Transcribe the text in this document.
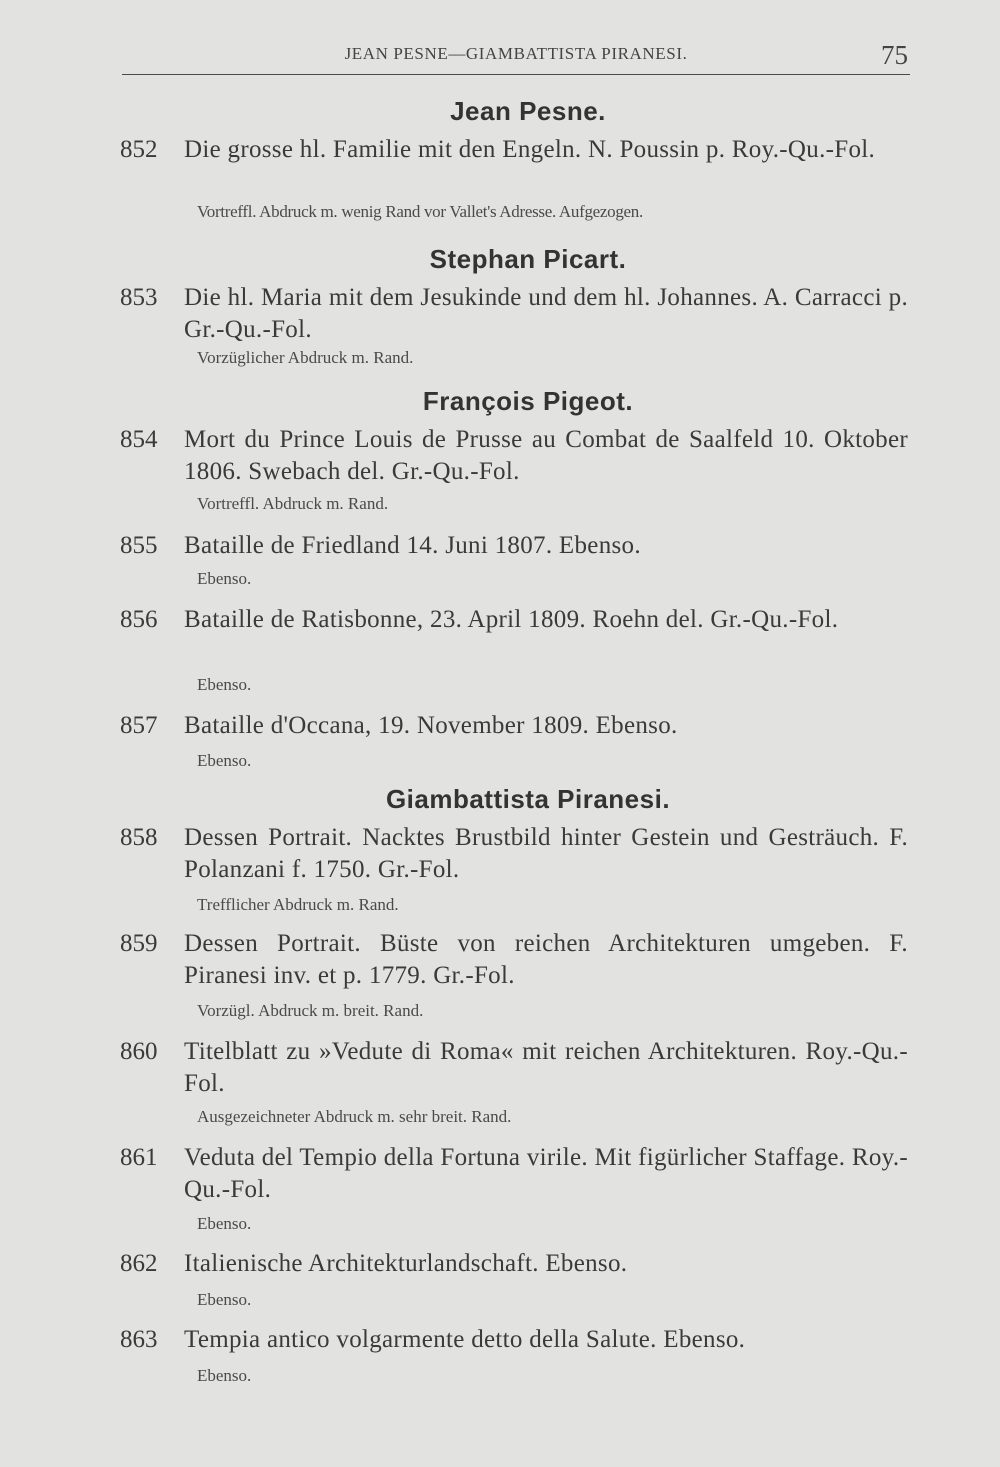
JEAN PESNE—GIAMBATTISTA PIRANESI.	75
Jean Pesne.
852 Die grosse hl. Familie mit den Engeln. N. Poussin p. Roy.-Qu.-Fol.
Vortreffl. Abdruck m. wenig Rand vor Vallet's Adresse. Aufgezogen.
Stephan Picart.
853 Die hl. Maria mit dem Jesukinde und dem hl. Johannes. A. Carracci p. Gr.-Qu.-Fol.
Vorzüglicher Abdruck m. Rand.
François Pigeot.
854 Mort du Prince Louis de Prusse au Combat de Saalfeld 10. Oktober 1806. Swebach del. Gr.-Qu.-Fol.
Vortreffl. Abdruck m. Rand.
855 Bataille de Friedland 14. Juni 1807. Ebenso.
Ebenso.
856 Bataille de Ratisbonne, 23. April 1809. Roehn del. Gr.-Qu.-Fol.
Ebenso.
857 Bataille d'Occana, 19. November 1809. Ebenso.
Ebenso.
Giambattista Piranesi.
858 Dessen Portrait. Nacktes Brustbild hinter Gestein und Gesträuch. F. Polanzani f. 1750. Gr.-Fol.
Trefflicher Abdruck m. Rand.
859 Dessen Portrait. Büste von reichen Architekturen umgeben. F. Piranesi inv. et p. 1779. Gr.-Fol.
Vorzügl. Abdruck m. breit. Rand.
860 Titelblatt zu »Vedute di Roma« mit reichen Architekturen. Roy.-Qu.-Fol.
Ausgezeichneter Abdruck m. sehr breit. Rand.
861 Veduta del Tempio della Fortuna virile. Mit figürlicher Staffage. Roy.-Qu.-Fol.
Ebenso.
862 Italienische Architekturlandschaft. Ebenso.
Ebenso.
863 Tempia antico volgarmente detto della Salute. Ebenso.
Ebenso.
